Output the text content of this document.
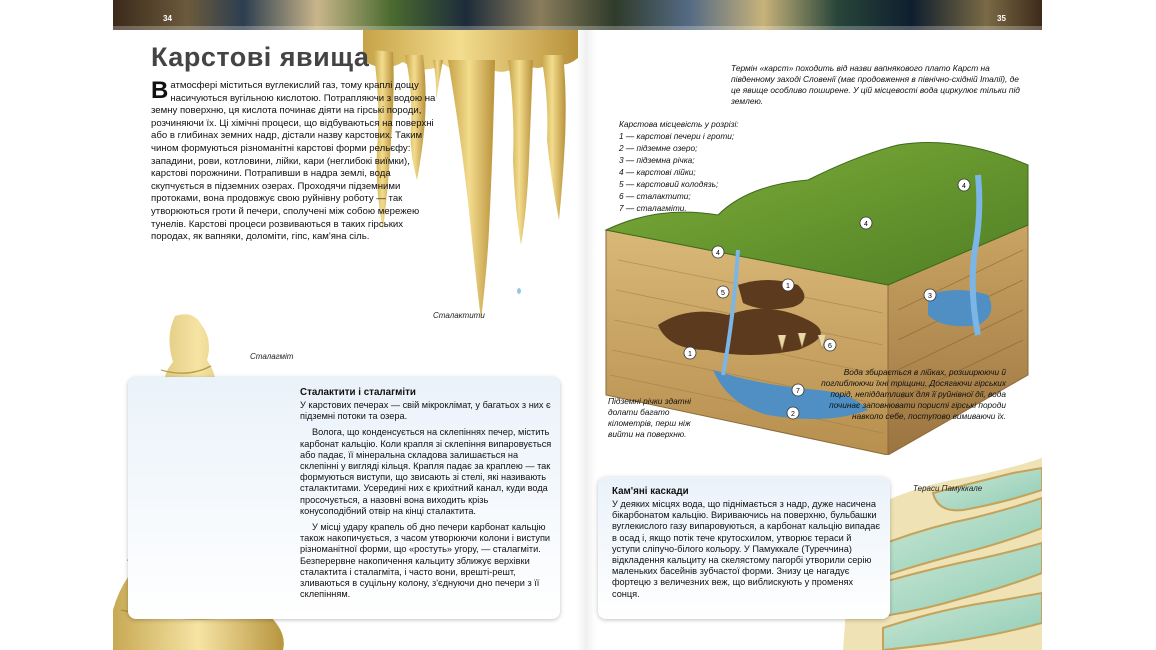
34	35
Сталактити
Сталагміт
Карстові явища
В атмосфері міститься вуглекислий газ, тому краплі дощу насичуються вугільною кислотою. Потрапляючи з водою на земну поверхню, ця кислота починає діяти на гірські породи, розчиняючи їх. Ці хімічні процеси, що відбуваються на поверхні або в глибинах земних надр, дістали назву карстових. Таким чином формуються різноманітні карстові форми рельєфу: западини, рови, котловини, лійки, кари (неглибокі виїмки), карстові порожнини. Потрапивши в надра землі, вода скупчується в підземних озерах. Проходячи підземними протоками, вона продовжує свою руйнівну роботу — так утворюються гроти й печери, сполучені між собою мережею тунелів. Карстові процеси розвиваються в таких гірських породах, як вапняки, доломіти, гіпс, кам'яна сіль.
Сталактити і сталагміти

У карстових печерах — свій мікроклімат, у багатьох з них є підземні потоки та озера.

Волога, що конденсується на склепіннях печер, містить карбонат кальцію. Коли крапля зі склепіння випаровується або падає, її мінеральна складова залишається на склепінні у вигляді кільця. Крапля падає за краплею — так формуються виступи, що звисають зі стелі, які називають сталактитами. Усередині них є крихітний канал, куди вода просочується, а назовні вона виходить крізь конусоподібний отвір на кінці сталактита.

У місці удару крапель об дно печери карбонат кальцію також накопичується, з часом утворюючи колони і виступи різноманітної форми, що «ростуть» угору, — сталагміти. Безперервне накопичення кальциту зближує верхівки сталактита і сталагміта, і часто вони, врешті-решт, зливаються в суцільну колону, з'єднуючи дно печери з її склепінням.

Термін «карст» походить від назви вапнякового плато Карст на південному заході Словенії (має продовження в північно-східній Італії), де це явище особливо поширене. У цій місцевості вода циркулює тільки під землею.
Карстова місцевість у розрізі:
1 — карстові печери і гроти;
2 — підземне озеро;
3 — підземна річка;
4 — карстові лійки;
5 — карстовий колодязь;
6 — сталактити;
7 — сталагміти.
1
1
2
3
4
4
4
5
6
7
Підземні річки здатні долати багато кілометрів, перш ніж вийти на поверхню.
Вода збирається в лійках, розширюючи й поглиблюючи їхні тріщини. Досягаючи гірських порід, непіддатливих для її руйнівної дії, вода починає заповнювати пористі гірські породи навколо себе, поступово вимиваючи їх.
Тераси Памуккале
Кам'яні каскади

У деяких місцях вода, що піднімається з надр, дуже насичена бікарбонатом кальцію. Вириваючись на поверхню, бульбашки вуглекислого газу випаровуються, а карбонат кальцію випадає в осад і, якщо потік тече крутосхилом, утворює тераси й уступи сліпучо-білого кольору. У Памуккале (Туреччина) відкладення кальциту на скелястому пагорбі утворили серію маленьких басейнів зубчастої форми. Знизу це нагадує фортецю з величезних веж, що виблискують у променях сонця.
